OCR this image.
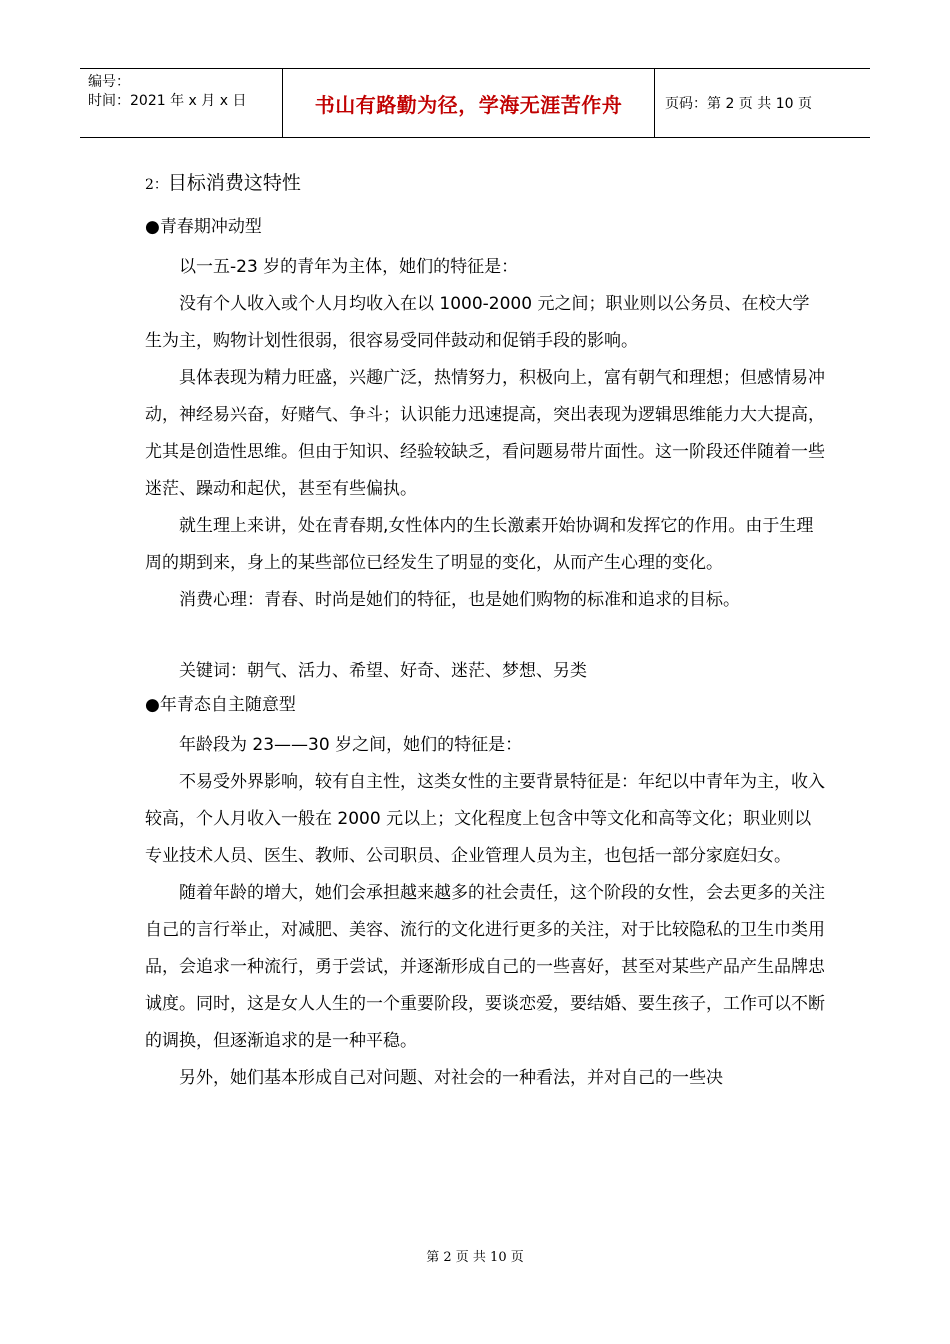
编号：
时间：2021 年 x 月 x 日	书山有路勤为径，学海无涯苦作舟	页码：第 2 页 共 10 页
2：目标消费这特性
●青春期冲动型

以一五-23 岁的青年为主体，她们的特征是：

没有个人收入或个人月均收入在以 1000-2000 元之间；职业则以公务员、在校大学生为主，购物计划性很弱，很容易受同伴鼓动和促销手段的影响。

具体表现为精力旺盛，兴趣广泛，热情努力，积极向上，富有朝气和理想；但感情易冲动，神经易兴奋，好赌气、争斗；认识能力迅速提高，突出表现为逻辑思维能力大大提高，尤其是创造性思维。但由于知识、经验较缺乏，看问题易带片面性。这一阶段还伴随着一些迷茫、躁动和起伏，甚至有些偏执。

就生理上来讲，处在青春期,女性体内的生长激素开始协调和发挥它的作用。由于生理周的期到来，身上的某些部位已经发生了明显的变化，从而产生心理的变化。

消费心理：青春、时尚是她们的特征，也是她们购物的标准和追求的目标。

关键词：朝气、活力、希望、好奇、迷茫、梦想、另类
●年青态自主随意型

年龄段为 23——30 岁之间，她们的特征是：

不易受外界影响，较有自主性，这类女性的主要背景特征是：年纪以中青年为主，收入较高，个人月收入一般在 2000 元以上；文化程度上包含中等文化和高等文化；职业则以专业技术人员、医生、教师、公司职员、企业管理人员为主，也包括一部分家庭妇女。

随着年龄的增大，她们会承担越来越多的社会责任，这个阶段的女性，会去更多的关注自己的言行举止，对减肥、美容、流行的文化进行更多的关注，对于比较隐私的卫生巾类用品，会追求一种流行，勇于尝试，并逐渐形成自己的一些喜好，甚至对某些产品产生品牌忠诚度。同时，这是女人人生的一个重要阶段，要谈恋爱，要结婚、要生孩子，工作可以不断的调换，但逐渐追求的是一种平稳。

另外，她们基本形成自己对问题、对社会的一种看法，并对自己的一些决

第 2 页 共 10 页
